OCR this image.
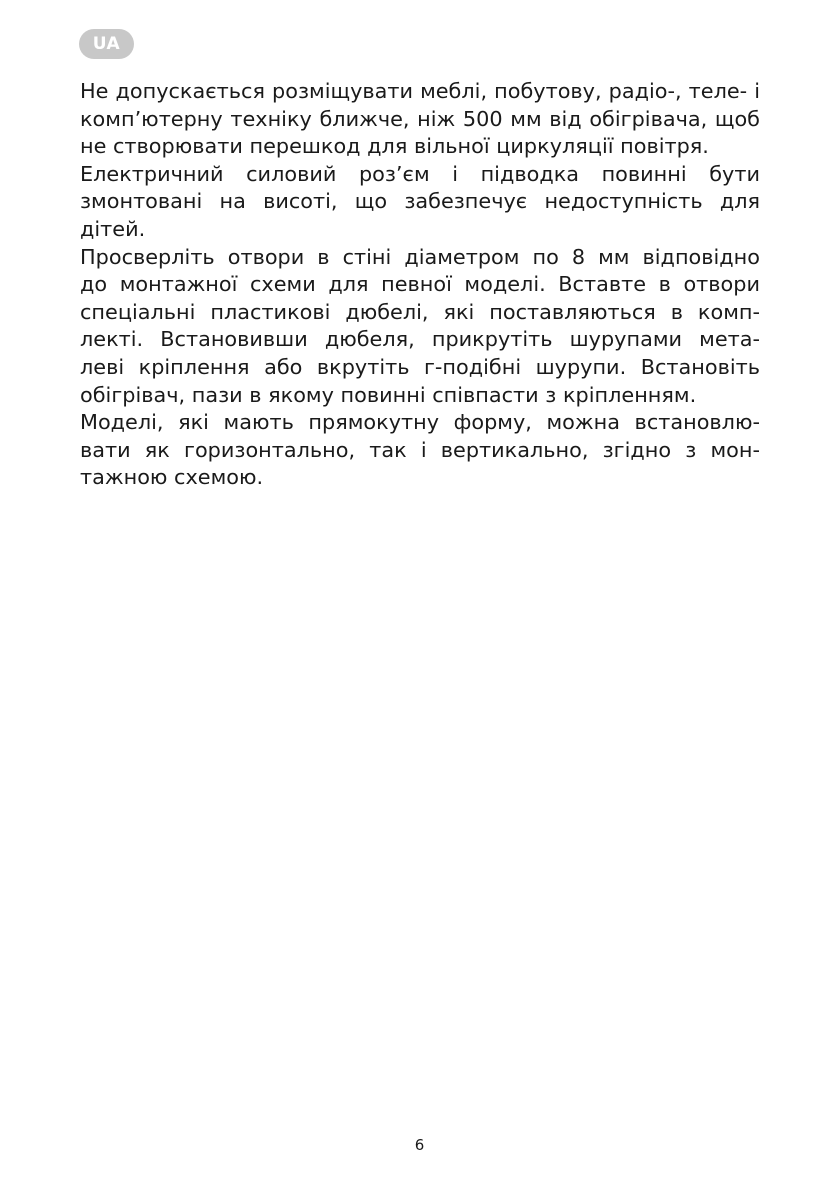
UA

Не допускається розміщувати меблі, побутову, радіо-, теле- і
комп’ютерну техніку ближче, ніж 500 мм від обігрівача, щоб
не створювати перешкод для вільної циркуляції повітря.

Електричний силовий роз’єм і підводка повинні бути
змонтовані на висоті, що забезпечує недоступність для
дітей.

Просверліть отвори в стіні діаметром по 8 мм відповідно
до монтажної схеми для певної моделі. Вставте в отвори
спеціальні пластикові дюбелі, які поставляються в комп-
лекті. Встановивши дюбеля, прикрутіть шурупами мета-
леві кріплення або вкрутіть г-подібні шурупи. Встановіть
обігрівач, пази в якому повинні співпасти з кріпленням.

Моделі, які мають прямокутну форму, можна встановлю-
вати як горизонтально, так і вертикально, згідно з мон-
тажною схемою.

6
